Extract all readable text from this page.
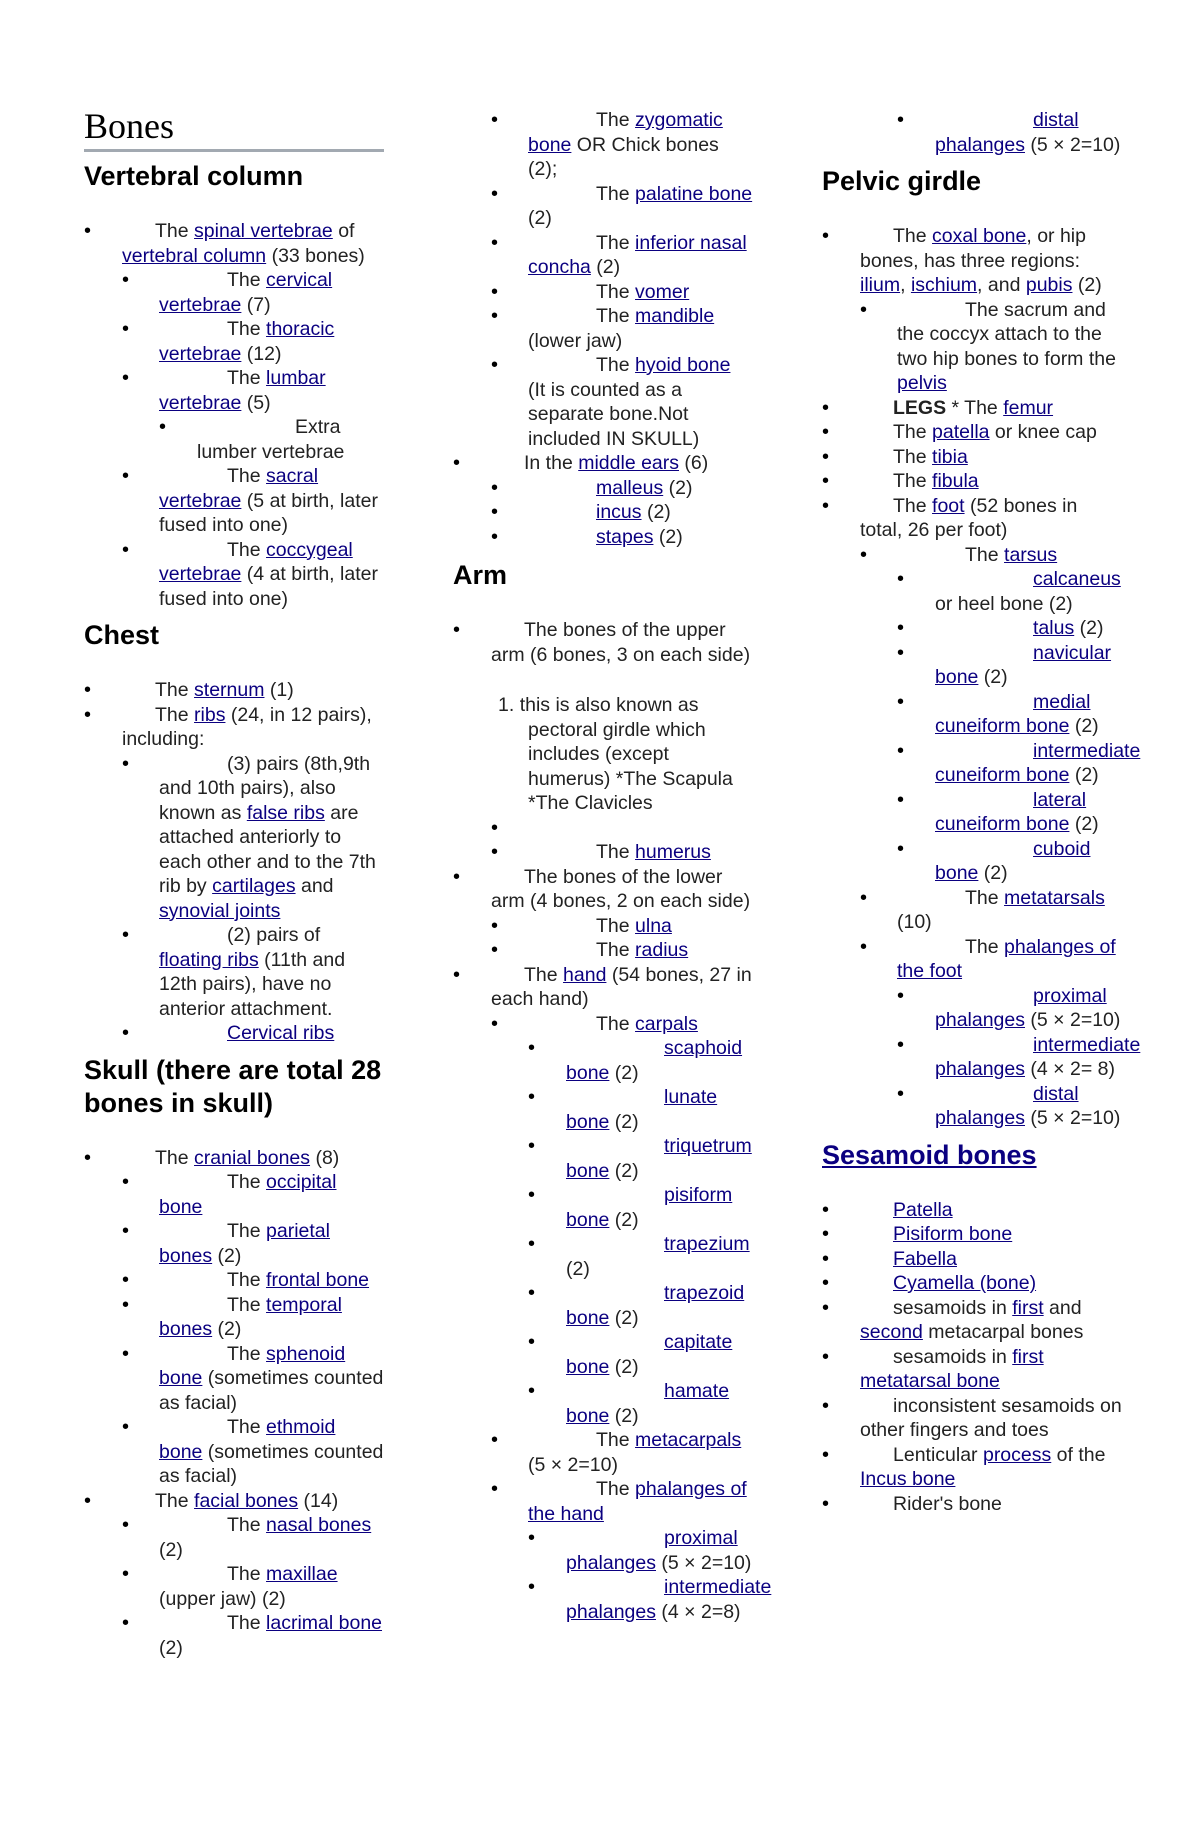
Bones
Vertebral column
• The spinal vertebrae of vertebral column (33 bones)
• The cervical vertebrae (7)
• The thoracic vertebrae (12)
• The lumbar vertebrae (5)
• Extra lumber vertebrae
• The sacral vertebrae (5 at birth, later fused into one)
• The coccygeal vertebrae (4 at birth, later fused into one)
Chest
• The sternum (1)
• The ribs (24, in 12 pairs), including:
• (3) pairs (8th,9th and 10th pairs), also known as false ribs are attached anteriorly to each other and to the 7th rib by cartilages and synovial joints
• (2) pairs of floating ribs (11th and 12th pairs), have no anterior attachment.
• Cervical ribs
Skull (there are total 28 bones in skull)
• The cranial bones (8)
• The occipital bone
• The parietal bones (2)
• The frontal bone
• The temporal bones (2)
• The sphenoid bone (sometimes counted as facial)
• The ethmoid bone (sometimes counted as facial)
• The facial bones (14)
• The nasal bones (2)
• The maxillae (upper jaw) (2)
• The lacrimal bone (2)
• The zygomatic bone OR Chick bones (2);
• The palatine bone (2)
• The inferior nasal concha (2)
• The vomer
• The mandible (lower jaw)
• The hyoid bone (It is counted as a separate bone.Not included IN SKULL)
• In the middle ears (6)
• malleus (2)
• incus (2)
• stapes (2)
Arm
• The bones of the upper arm (6 bones, 3 on each side)
1. this is also known as pectoral girdle which includes (except humerus) *The Scapula *The Clavicles
•
• The humerus
• The bones of the lower arm (4 bones, 2 on each side)
• The ulna
• The radius
• The hand (54 bones, 27 in each hand)
• The carpals
• scaphoid bone (2)
• lunate bone (2)
• triquetrum bone (2)
• pisiform bone (2)
• trapezium (2)
• trapezoid bone (2)
• capitate bone (2)
• hamate bone (2)
• The metacarpals (5 × 2=10)
• The phalanges of the hand
• proximal phalanges (5 × 2=10)
• intermediate phalanges (4 × 2=8)
• distal phalanges (5 × 2=10)
Pelvic girdle
• The coxal bone, or hip bones, has three regions: ilium, ischium, and pubis (2)
• The sacrum and the coccyx attach to the two hip bones to form the pelvis
• LEGS * The femur
• The patella or knee cap
• The tibia
• The fibula
• The foot (52 bones in total, 26 per foot)
• The tarsus
• calcaneus or heel bone (2)
• talus (2)
• navicular bone (2)
• medial cuneiform bone (2)
• intermediate cuneiform bone (2)
• lateral cuneiform bone (2)
• cuboid bone (2)
• The metatarsals (10)
• The phalanges of the foot
• proximal phalanges (5 × 2=10)
• intermediate phalanges (4 × 2= 8)
• distal phalanges (5 × 2=10)
Sesamoid bones
• Patella
• Pisiform bone
• Fabella
• Cyamella (bone)
• sesamoids in first and second metacarpal bones
• sesamoids in first metatarsal bone
• inconsistent sesamoids on other fingers and toes
• Lenticular process of the Incus bone
• Rider's bone
